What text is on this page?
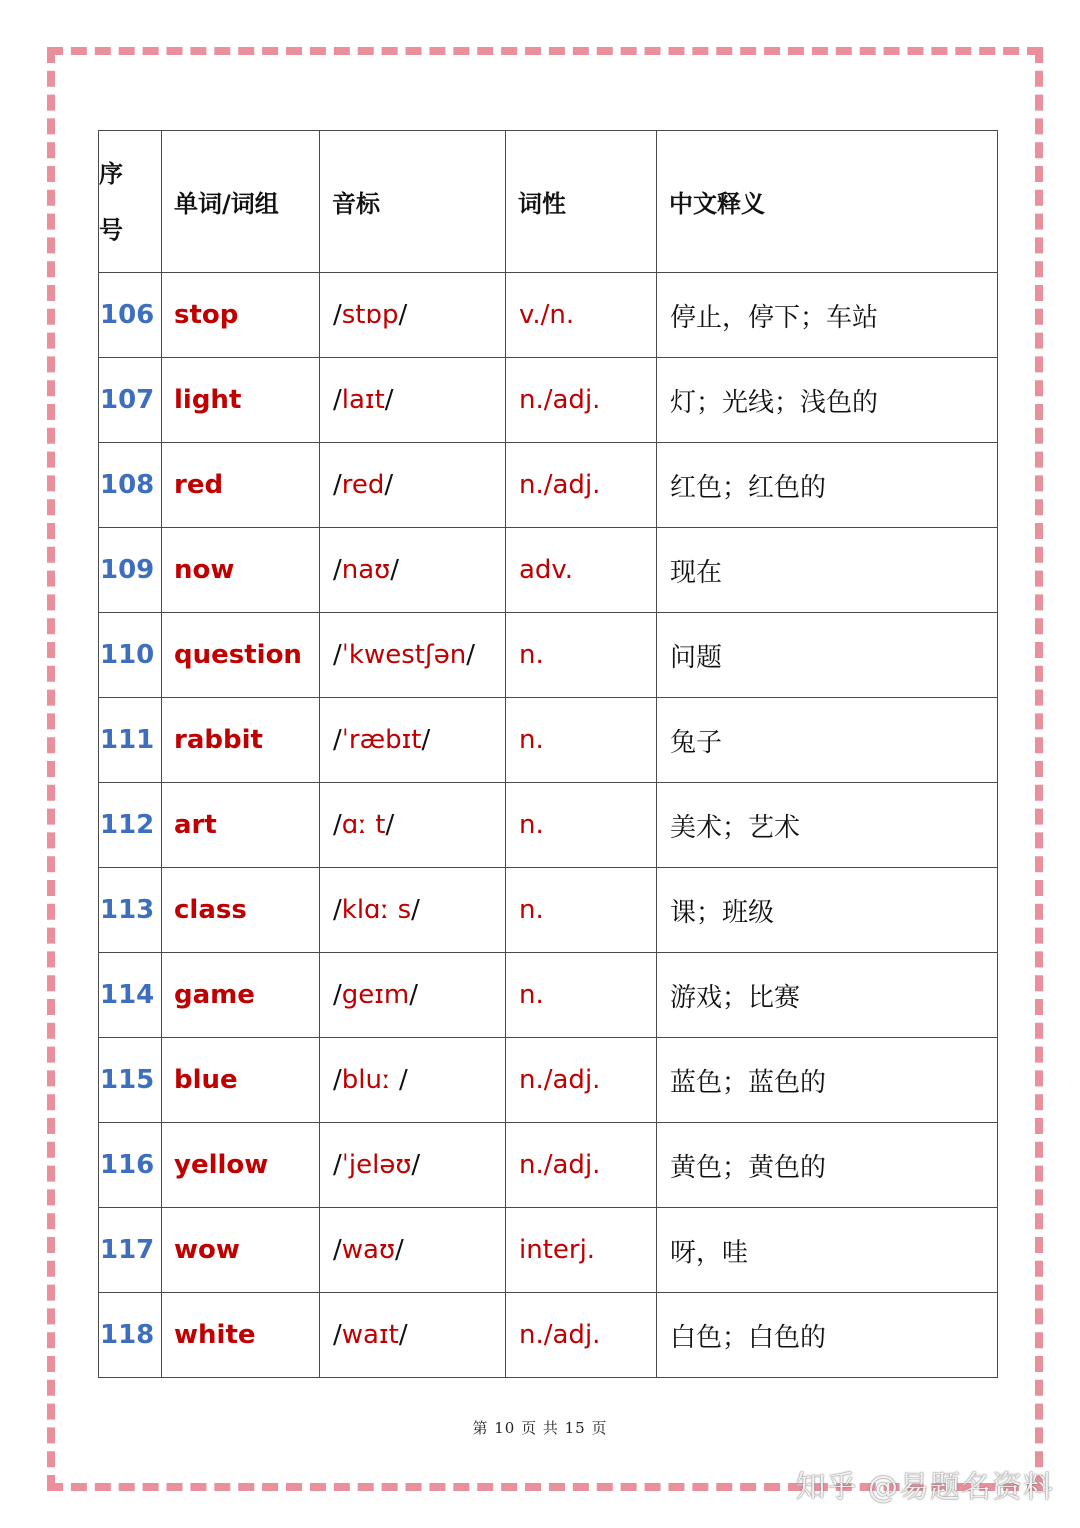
序
号	单词/词组	音标	词性	中文释义
106	stop	/stɒp/	v./n.	停止，停下；车站
107	light	/laɪt/	n./adj.	灯；光线；浅色的
108	red	/red/	n./adj.	红色；红色的
109	now	/naʊ/	adv.	现在
110	question	/ˈkwestʃən/	n.	问题
111	rabbit	/ˈræbɪt/	n.	兔子
112	art	/ɑː t/	n.	美术；艺术
113	class	/klɑː s/	n.	课；班级
114	game	/geɪm/	n.	游戏；比赛
115	blue	/bluː /	n./adj.	蓝色；蓝色的
116	yellow	/ˈjeləʊ/	n./adj.	黄色；黄色的
117	wow	/waʊ/	interj.	呀，哇
118	white	/waɪt/	n./adj.	白色；白色的
第 10 页 共 15 页
知乎 @易题名资料
